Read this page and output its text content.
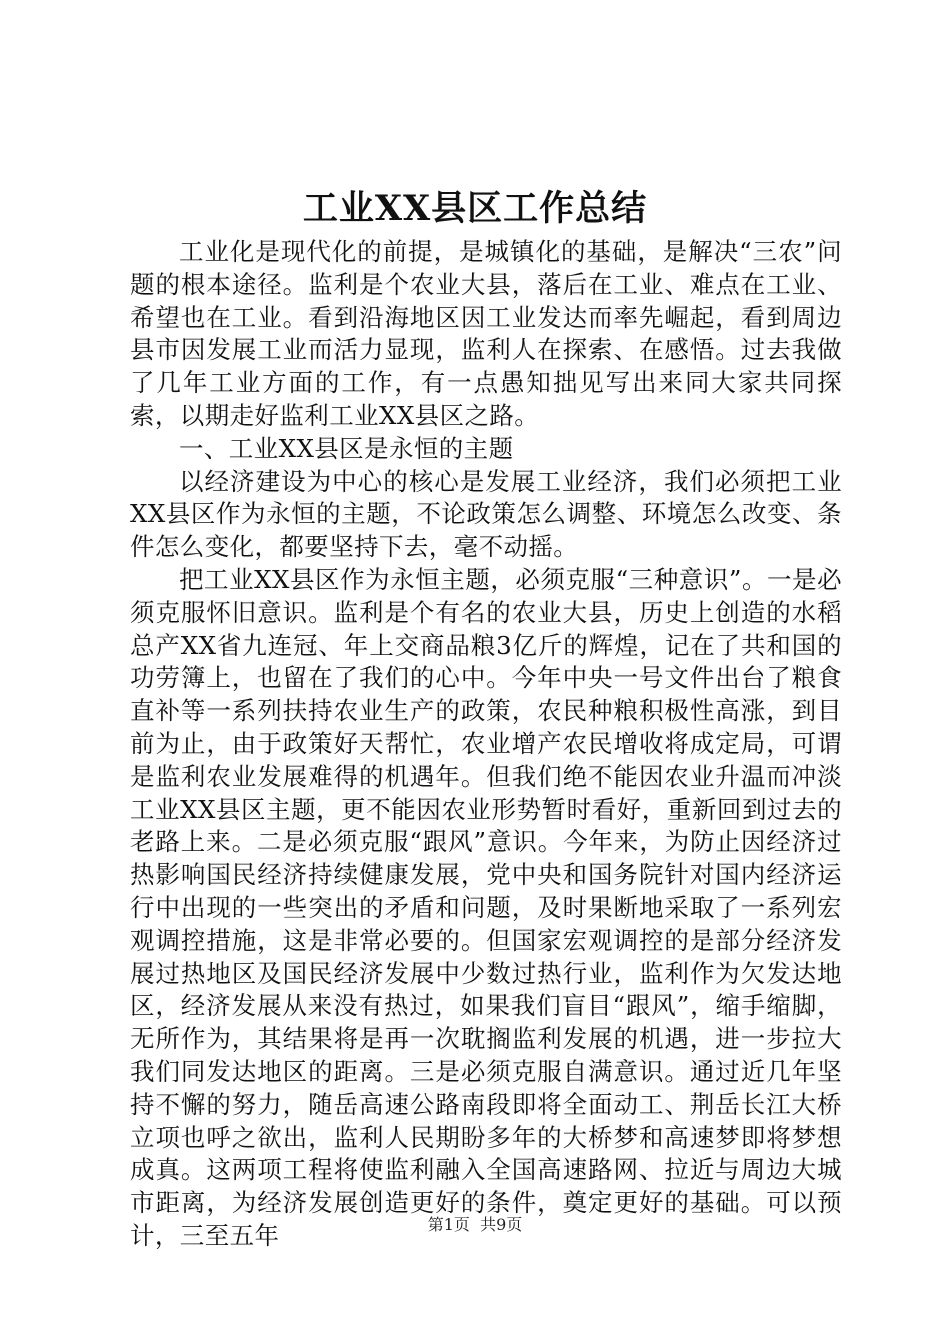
工业XX县区工作总结

工业化是现代化的前提，是城镇化的基础，是解决“三农”问题的根本途径。监利是个农业大县，落后在工业、难点在工业、希望也在工业。看到沿海地区因工业发达而率先崛起，看到周边县市因发展工业而活力显现，监利人在探索、在感悟。过去我做了几年工业方面的工作，有一点愚知拙见写出来同大家共同探索，以期走好监利工业XX县区之路。

一、工业XX县区是永恒的主题

以经济建设为中心的核心是发展工业经济，我们必须把工业XX县区作为永恒的主题，不论政策怎么调整、环境怎么改变、条件怎么变化，都要坚持下去，毫不动摇。

把工业XX县区作为永恒主题，必须克服“三种意识”。一是必须克服怀旧意识。监利是个有名的农业大县，历史上创造的水稻总产XX省九连冠、年上交商品粮3亿斤的辉煌，记在了共和国的功劳簿上，也留在了我们的心中。今年中央一号文件出台了粮食直补等一系列扶持农业生产的政策，农民种粮积极性高涨，到目前为止，由于政策好天帮忙，农业增产农民增收将成定局，可谓是监利农业发展难得的机遇年。但我们绝不能因农业升温而冲淡工业XX县区主题，更不能因农业形势暂时看好，重新回到过去的老路上来。二是必须克服“跟风”意识。今年来，为防止因经济过热影响国民经济持续健康发展，党中央和国务院针对国内经济运行中出现的一些突出的矛盾和问题，及时果断地采取了一系列宏观调控措施，这是非常必要的。但国家宏观调控的是部分经济发展过热地区及国民经济发展中少数过热行业，监利作为欠发达地区，经济发展从来没有热过，如果我们盲目“跟风”，缩手缩脚，无所作为，其结果将是再一次耽搁监利发展的机遇，进一步拉大我们同发达地区的距离。三是必须克服自满意识。通过近几年坚持不懈的努力，随岳高速公路南段即将全面动工、荆岳长江大桥立项也呼之欲出，监利人民期盼多年的大桥梦和高速梦即将梦想成真。这两项工程将使监利融入全国高速路网、拉近与周边大城市距离，为经济发展创造更好的条件，奠定更好的基础。可以预计，三至五年	第1页 共9页
